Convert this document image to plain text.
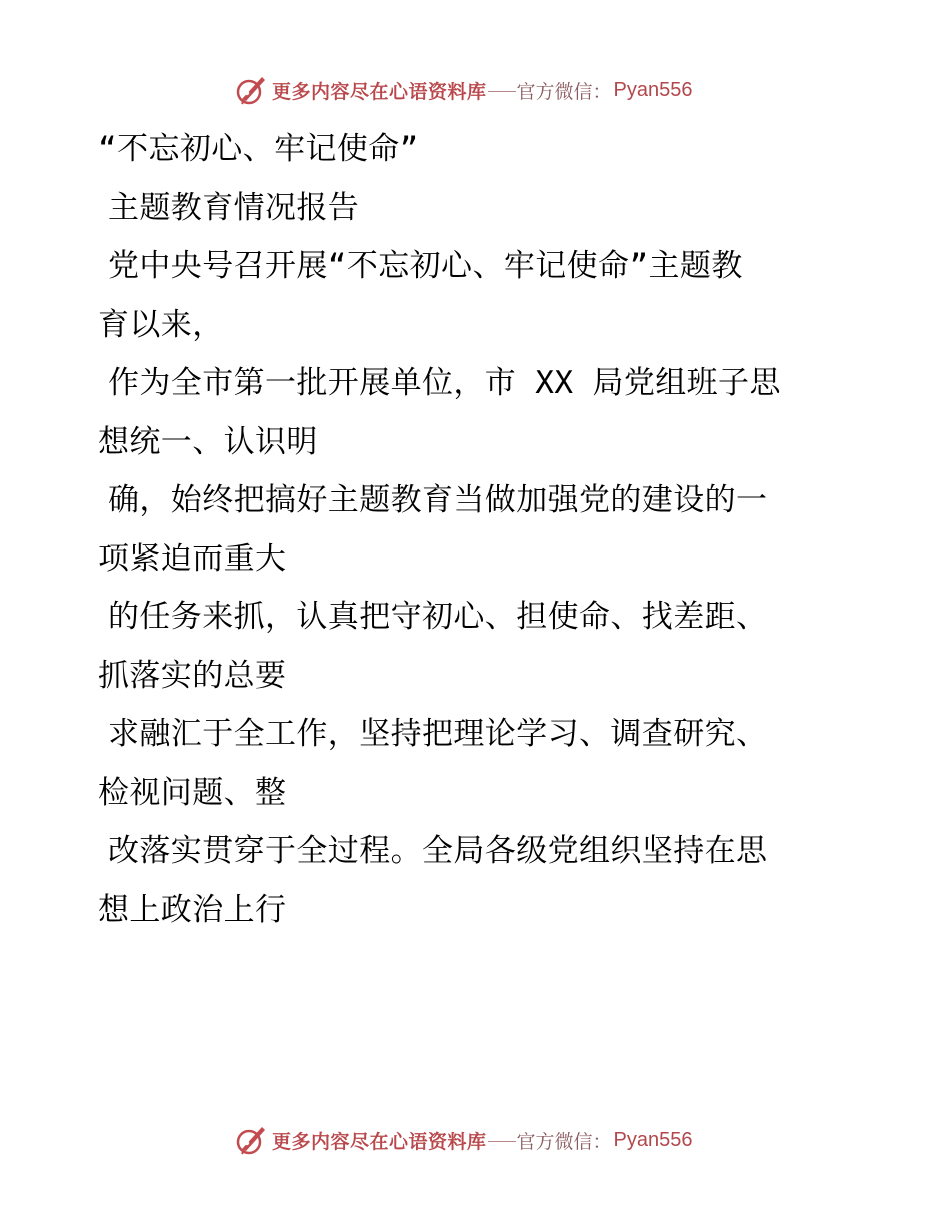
更多内容尽在心语资料库 官方微信： Pyan556
“不忘初心、牢记使命”
主题教育情况报告
党中央号召开展“不忘初心、牢记使命”主题教
育以来，
作为全市第一批开展单位，市 XX 局党组班子思
想统一、认识明
确，始终把搞好主题教育当做加强党的建设的一
项紧迫而重大
的任务来抓，认真把守初心、担使命、找差距、
抓落实的总要
求融汇于全工作，坚持把理论学习、调查研究、
检视问题、整
改落实贯穿于全过程。全局各级党组织坚持在思
想上政治上行
更多内容尽在心语资料库 官方微信： Pyan556
